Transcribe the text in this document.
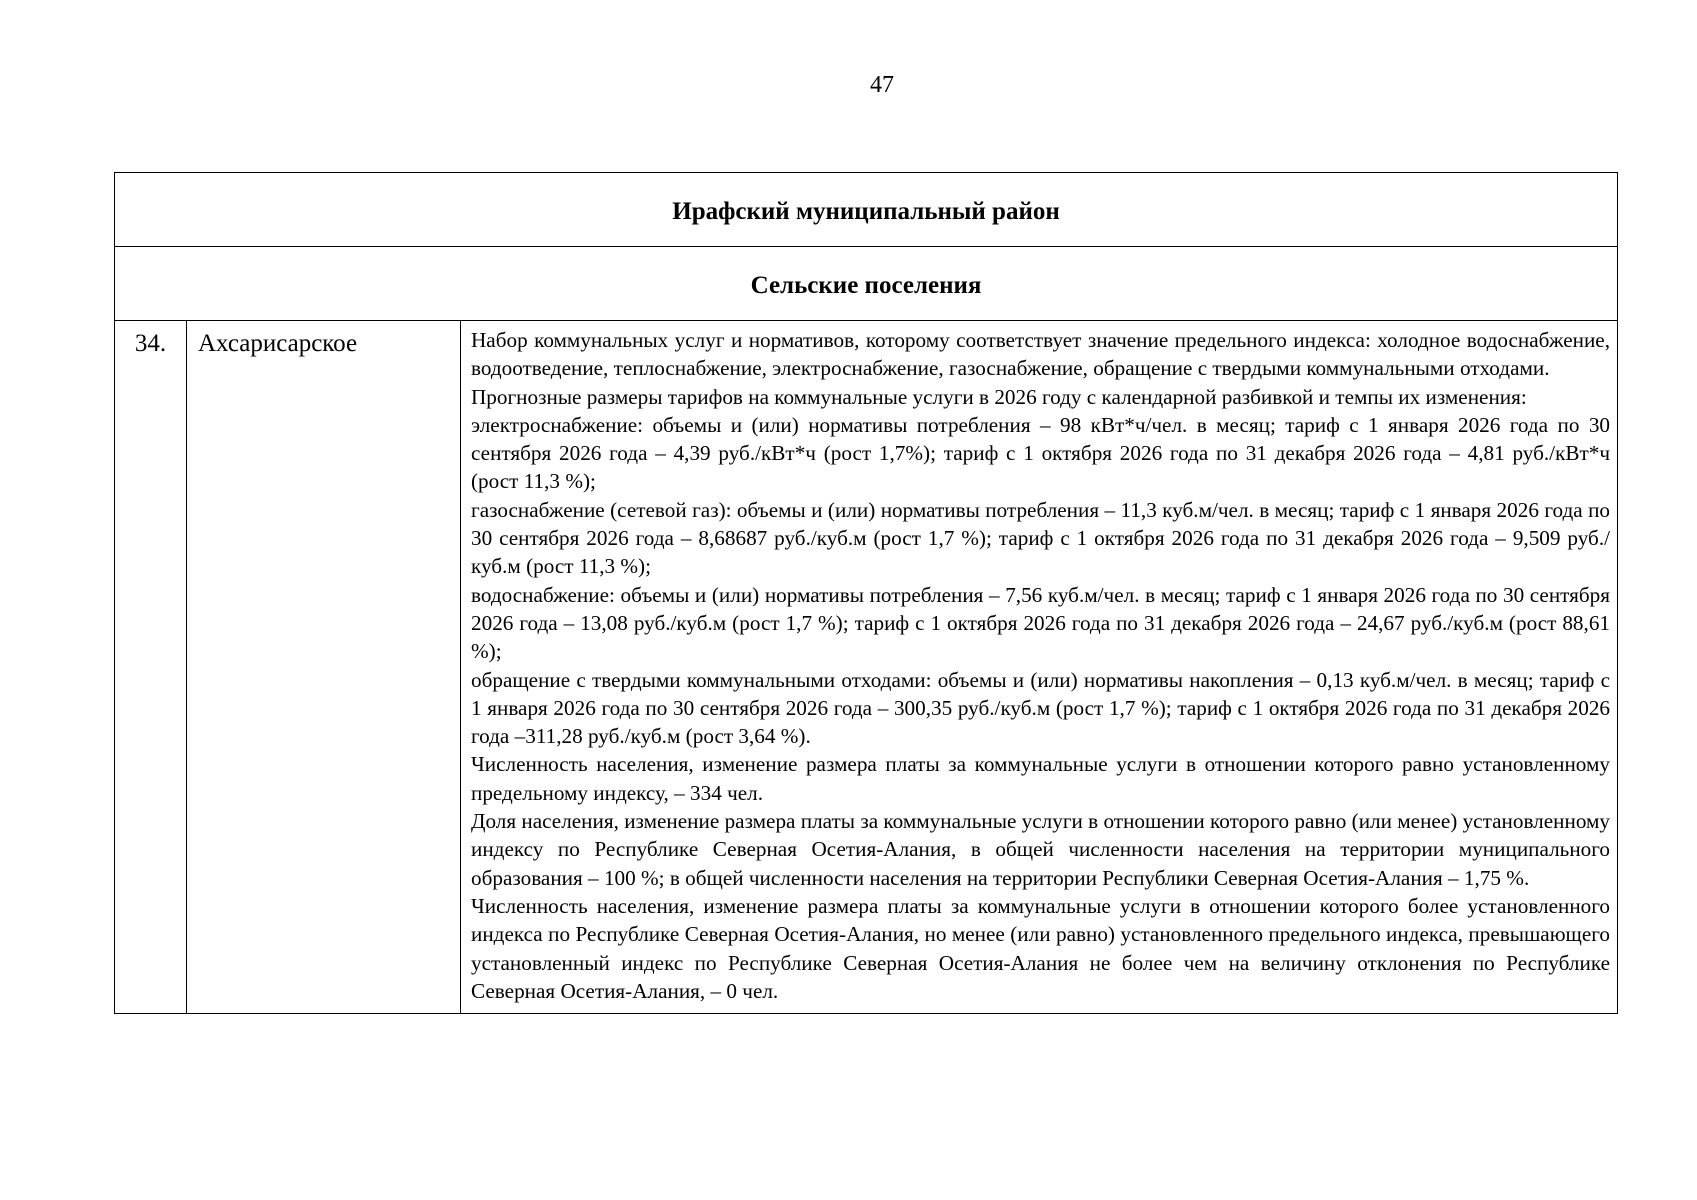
47
Ирафский муниципальный район
Сельские поселения
34.	Ахсарисарское	Набор коммунальных услуг и нормативов, которому соответствует значение предельного индекса: холодное водоснабжение, водоотведение, теплоснабжение, электроснабжение, газоснабжение, обращение с твердыми коммунальными отходами.

Прогнозные размеры тарифов на коммунальные услуги в 2026 году с календарной разбивкой и темпы их изменения:

электроснабжение: объемы и (или) нормативы потребления – 98 кВт*ч/чел. в месяц; тариф с 1 января 2026 года по 30 сентября 2026 года – 4,39 руб./кВт*ч (рост 1,7%); тариф с 1 октября 2026 года по 31 декабря 2026 года – 4,81 руб./кВт*ч (рост 11,3 %);

газоснабжение (сетевой газ): объемы и (или) нормативы потребления – 11,3 куб.м/чел. в месяц; тариф с 1 января 2026 года по 30 сентября 2026 года – 8,68687 руб./куб.м (рост 1,7 %); тариф с 1 октября 2026 года по 31 декабря 2026 года – 9,509 руб./куб.м (рост 11,3 %);

водоснабжение: объемы и (или) нормативы потребления – 7,56 куб.м/чел. в месяц; тариф с 1 января 2026 года по 30 сентября 2026 года – 13,08 руб./куб.м (рост 1,7 %); тариф с 1 октября 2026 года по 31 декабря 2026 года – 24,67 руб./куб.м (рост 88,61 %);

обращение с твердыми коммунальными отходами: объемы и (или) нормативы накопления – 0,13 куб.м/чел. в месяц; тариф с 1 января 2026 года по 30 сентября 2026 года – 300,35 руб./куб.м (рост 1,7 %); тариф с 1 октября 2026 года по 31 декабря 2026 года –311,28 руб./куб.м (рост 3,64 %).

Численность населения, изменение размера платы за коммунальные услуги в отношении которого равно установленному предельному индексу, – 334 чел.

Доля населения, изменение размера платы за коммунальные услуги в отношении которого равно (или менее) установленному индексу по Республике Северная Осетия-Алания, в общей численности населения на территории муниципального образования – 100 %; в общей численности населения на территории Республики Северная Осетия-Алания – 1,75 %.

Численность населения, изменение размера платы за коммунальные услуги в отношении которого более установленного индекса по Республике Северная Осетия-Алания, но менее (или равно) установленного предельного индекса, превышающего установленный индекс по Республике Северная Осетия-Алания не более чем на величину отклонения по Республике Северная Осетия-Алания, – 0 чел.
